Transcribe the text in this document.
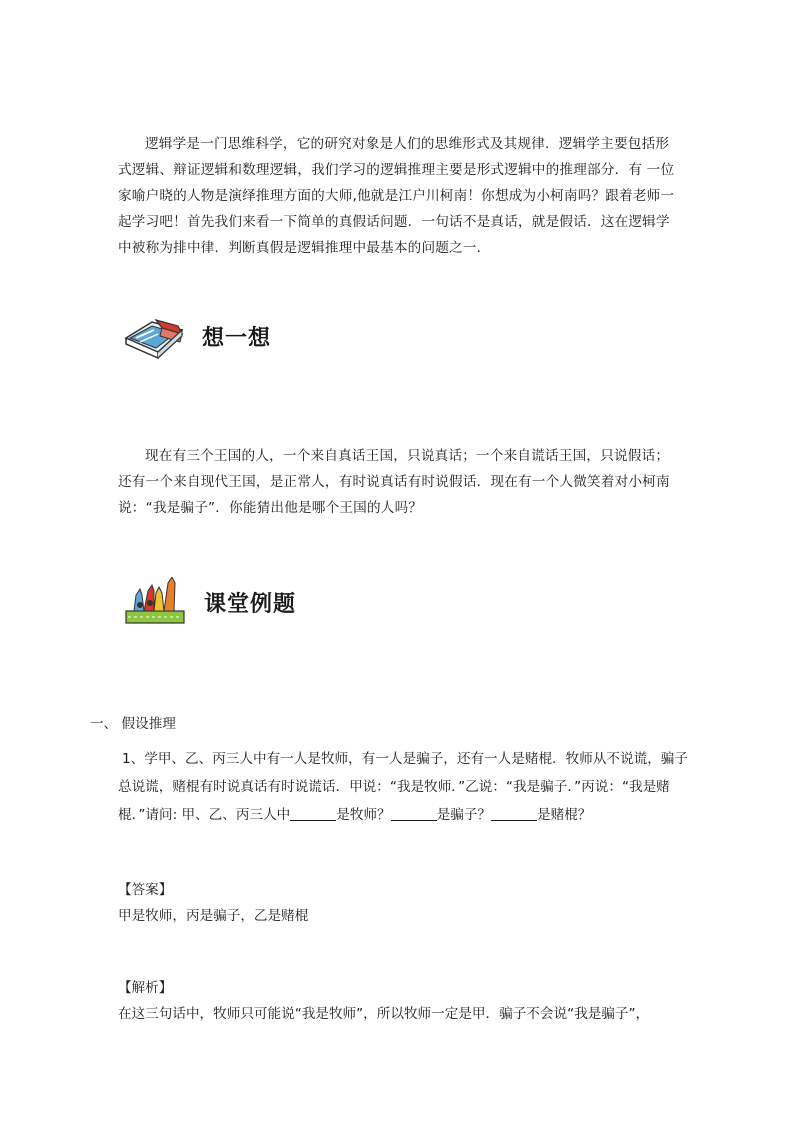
逻辑学是一门思维科学，它的研究对象是人们的思维形式及其规律．逻辑学主要包括形式逻辑、辩证逻辑和数理逻辑，我们学习的逻辑推理主要是形式逻辑中的推理部分．有 一位家喻户晓的人物是演绎推理方面的大师,他就是江户川柯南！你想成为小柯南吗？跟着老师一起学习吧！首先我们来看一下简单的真假话问题．一句话不是真话，就是假话．这在逻辑学中被称为排中律．判断真假是逻辑推理中最基本的问题之一．

想一想

现在有三个王国的人，一个来自真话王国，只说真话；一个来自谎话王国，只说假话；还有一个来自现代王国，是正常人，有时说真话有时说假话．现在有一个人微笑着对小柯南说：“我是骗子”．你能猜出他是哪个王国的人吗？

课堂例题

一、 假设推理

1、学甲、乙、丙三人中有一人是牧师，有一人是骗子，还有一人是赌棍．牧师从不说谎，骗子总说谎，赌棍有时说真话有时说谎话．甲说：“我是牧师．”乙说：“我是骗子．”丙说：“我是赌棍．”请问: 甲、乙、丙三人中	是牧师？	是骗子？	是赌棍？

【答案】

甲是牧师，丙是骗子，乙是赌棍

【解析】

在这三句话中，牧师只可能说“我是牧师”，所以牧师一定是甲．骗子不会说“我是骗子”，
